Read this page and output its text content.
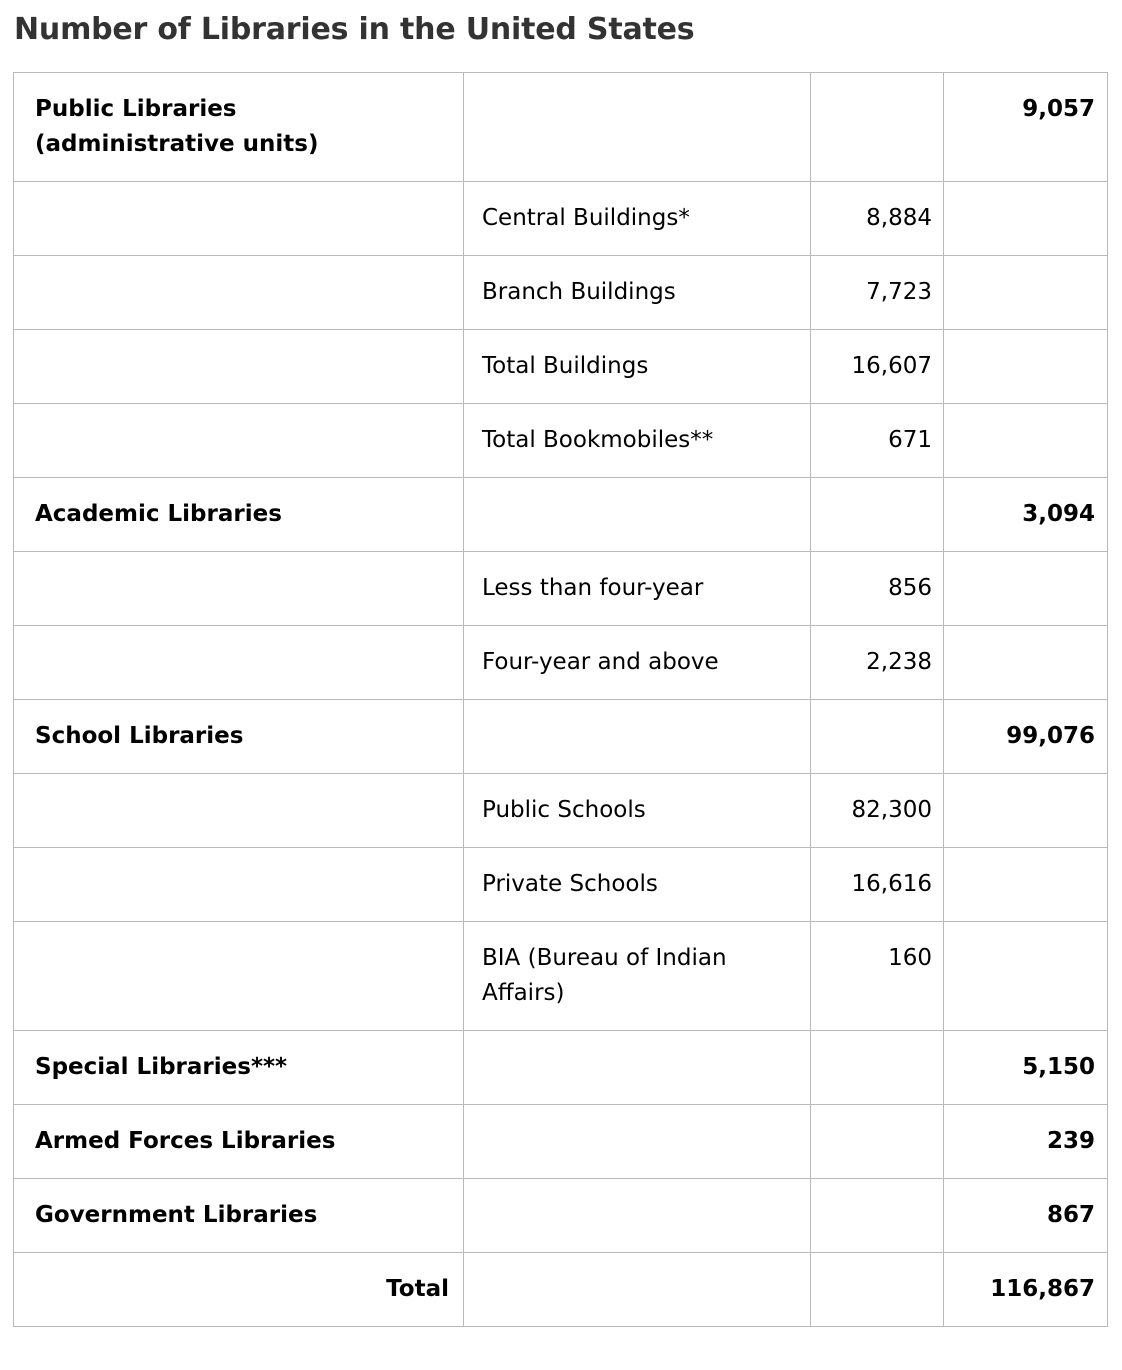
Number of Libraries in the United States
Public Libraries (administrative units)			9,057

	Central Buildings*	8,884	

	Branch Buildings	7,723	

	Total Buildings	16,607	

	Total Bookmobiles**	671	

Academic Libraries			3,094

	Less than four-year	856	

	Four-year and above	2,238	

School Libraries			99,076

	Public Schools	82,300	

	Private Schools	16,616	

	BIA (Bureau of Indian Affairs)	160	

Special Libraries***			5,150

Armed Forces Libraries			239

Government Libraries			867

Total			116,867
